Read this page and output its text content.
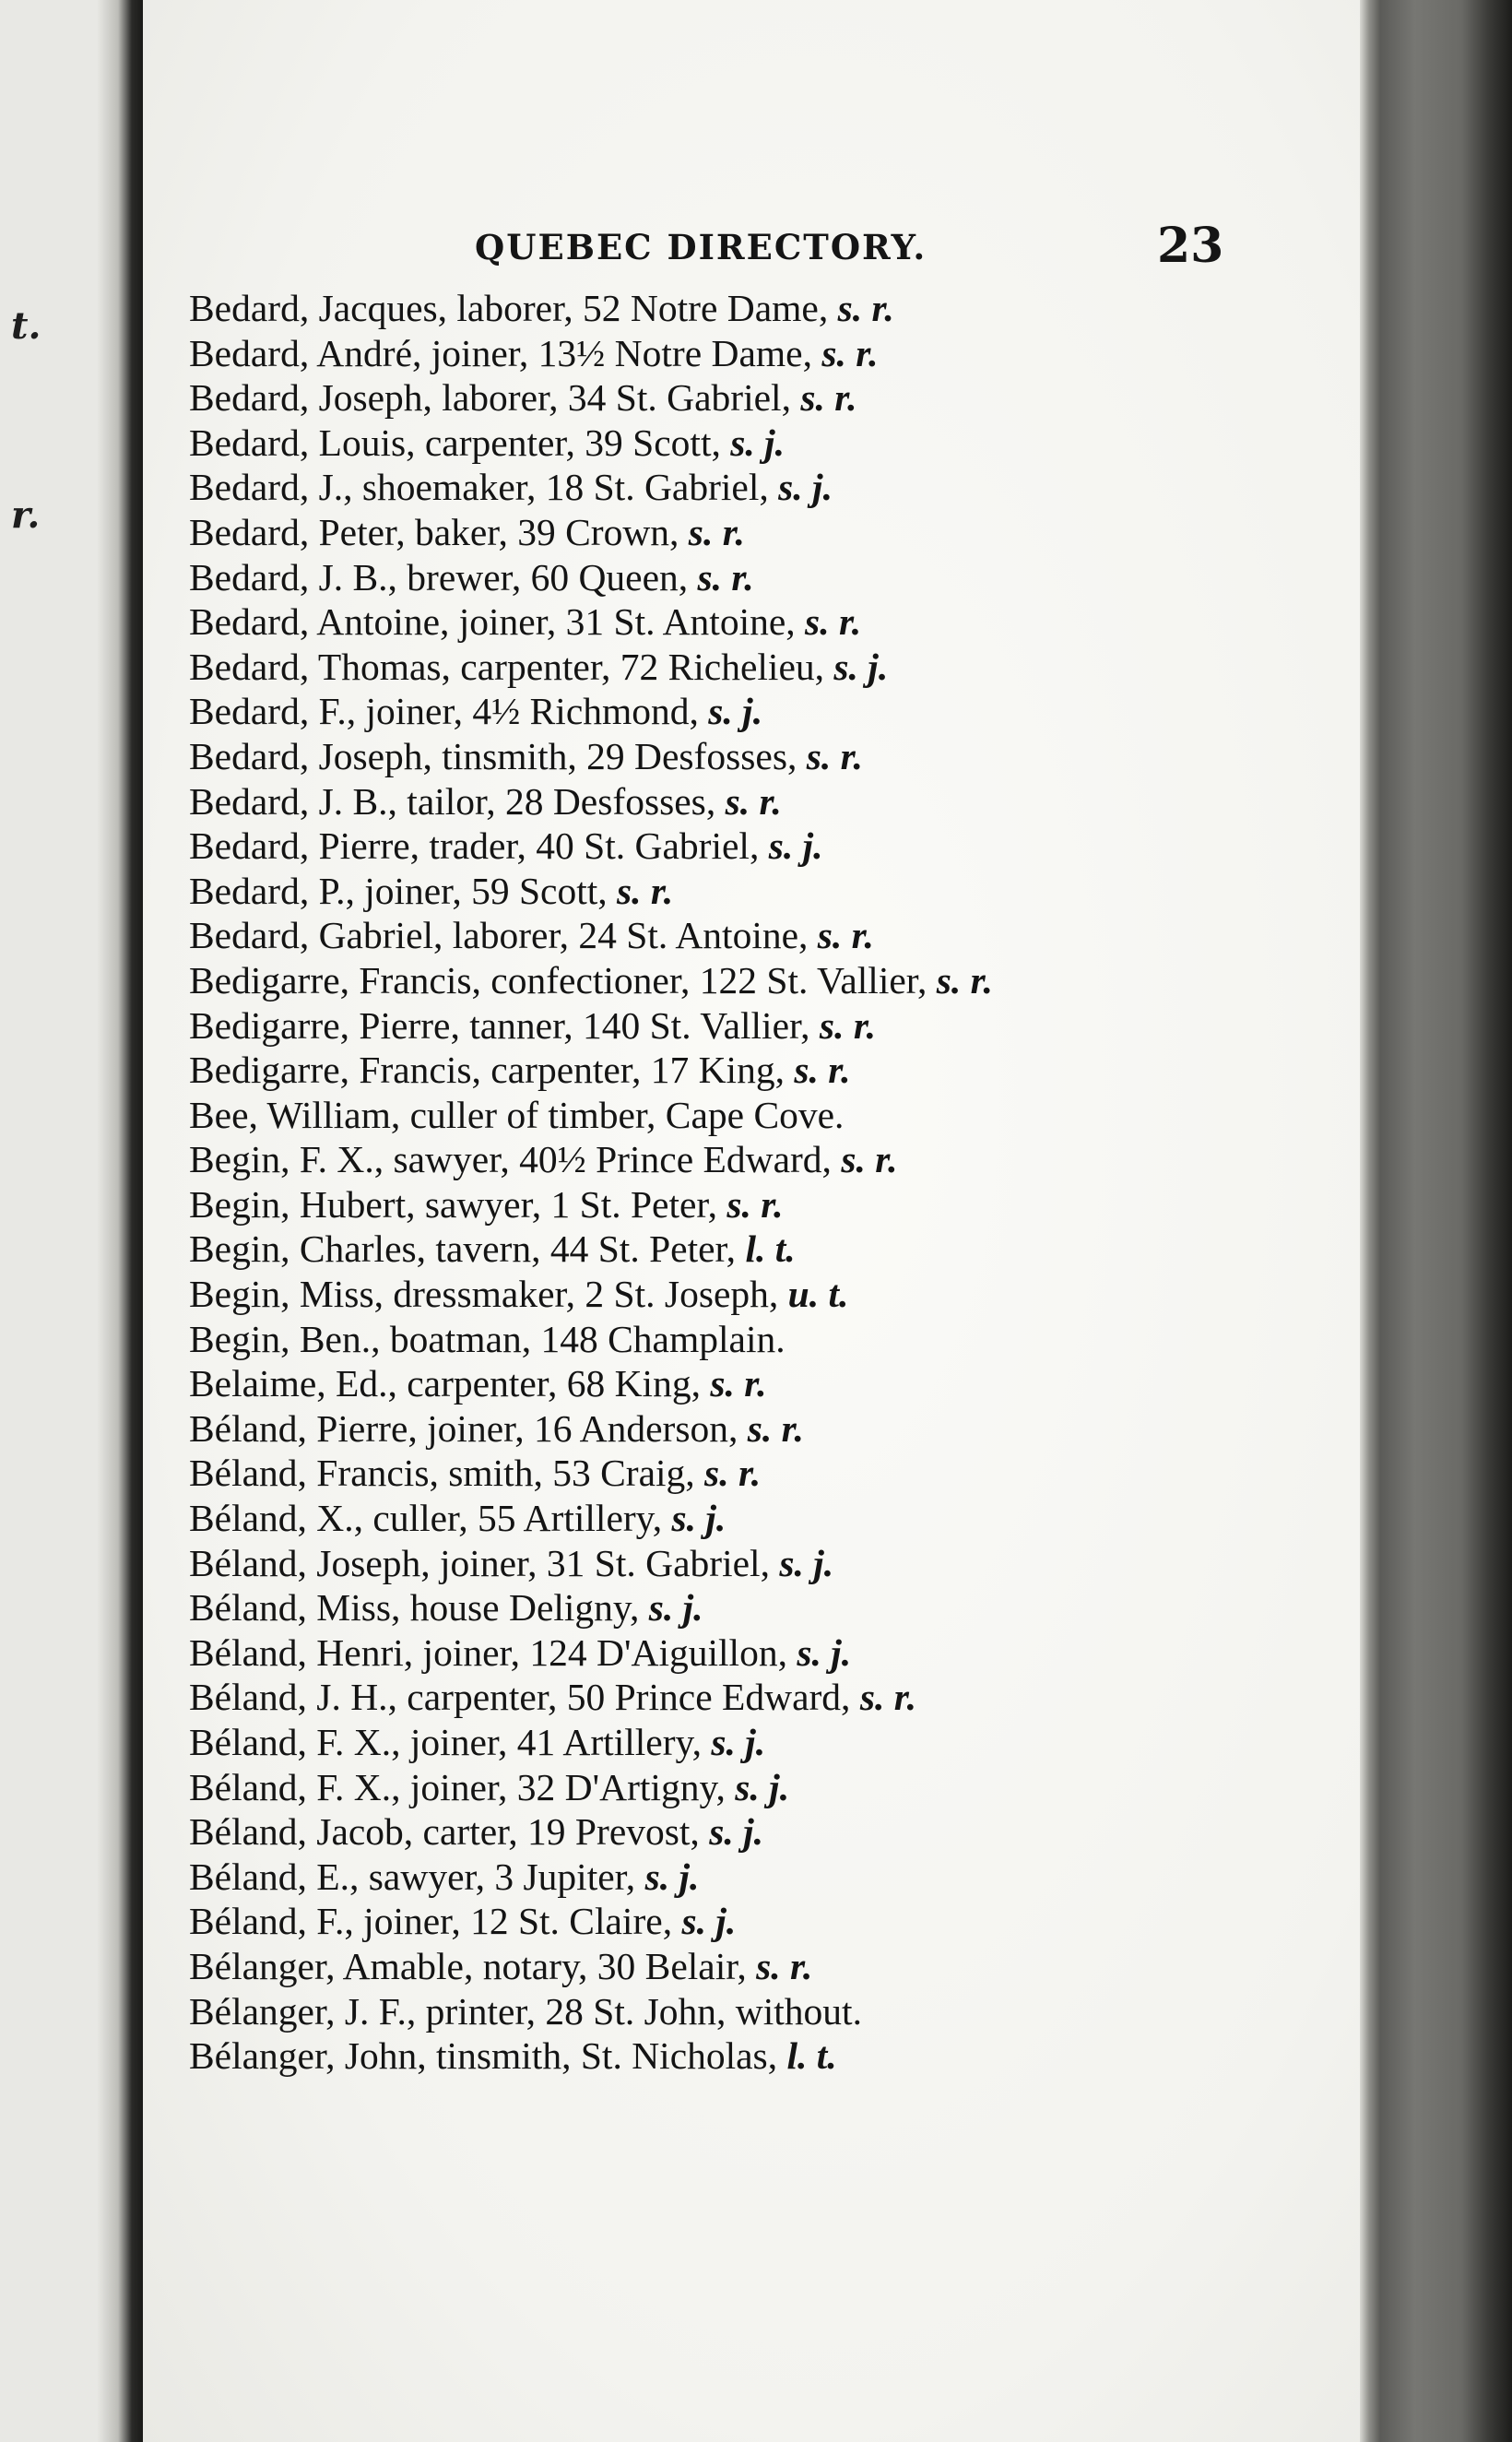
t.
r.
QUEBEC DIRECTORY.	23
Bedard, Jacques, laborer, 52 Notre Dame, s. r.
Bedard, André, joiner, 13½ Notre Dame, s. r.
Bedard, Joseph, laborer, 34 St. Gabriel, s. r.
Bedard, Louis, carpenter, 39 Scott, s. j.
Bedard, J., shoemaker, 18 St. Gabriel, s. j.
Bedard, Peter, baker, 39 Crown, s. r.
Bedard, J. B., brewer, 60 Queen, s. r.
Bedard, Antoine, joiner, 31 St. Antoine, s. r.
Bedard, Thomas, carpenter, 72 Richelieu, s. j.
Bedard, F., joiner, 4½ Richmond, s. j.
Bedard, Joseph, tinsmith, 29 Desfosses, s. r.
Bedard, J. B., tailor, 28 Desfosses, s. r.
Bedard, Pierre, trader, 40 St. Gabriel, s. j.
Bedard, P., joiner, 59 Scott, s. r.
Bedard, Gabriel, laborer, 24 St. Antoine, s. r.
Bedigarre, Francis, confectioner, 122 St. Vallier, s. r.
Bedigarre, Pierre, tanner, 140 St. Vallier, s. r.
Bedigarre, Francis, carpenter, 17 King, s. r.
Bee, William, culler of timber, Cape Cove.
Begin, F. X., sawyer, 40½ Prince Edward, s. r.
Begin, Hubert, sawyer, 1 St. Peter, s. r.
Begin, Charles, tavern, 44 St. Peter, l. t.
Begin, Miss, dressmaker, 2 St. Joseph, u. t.
Begin, Ben., boatman, 148 Champlain.
Belaime, Ed., carpenter, 68 King, s. r.
Béland, Pierre, joiner, 16 Anderson, s. r.
Béland, Francis, smith, 53 Craig, s. r.
Béland, X., culler, 55 Artillery, s. j.
Béland, Joseph, joiner, 31 St. Gabriel, s. j.
Béland, Miss, house Deligny, s. j.
Béland, Henri, joiner, 124 D'Aiguillon, s. j.
Béland, J. H., carpenter, 50 Prince Edward, s. r.
Béland, F. X., joiner, 41 Artillery, s. j.
Béland, F. X., joiner, 32 D'Artigny, s. j.
Béland, Jacob, carter, 19 Prevost, s. j.
Béland, E., sawyer, 3 Jupiter, s. j.
Béland, F., joiner, 12 St. Claire, s. j.
Bélanger, Amable, notary, 30 Belair, s. r.
Bélanger, J. F., printer, 28 St. John, without.
Bélanger, John, tinsmith, St. Nicholas, l. t.
